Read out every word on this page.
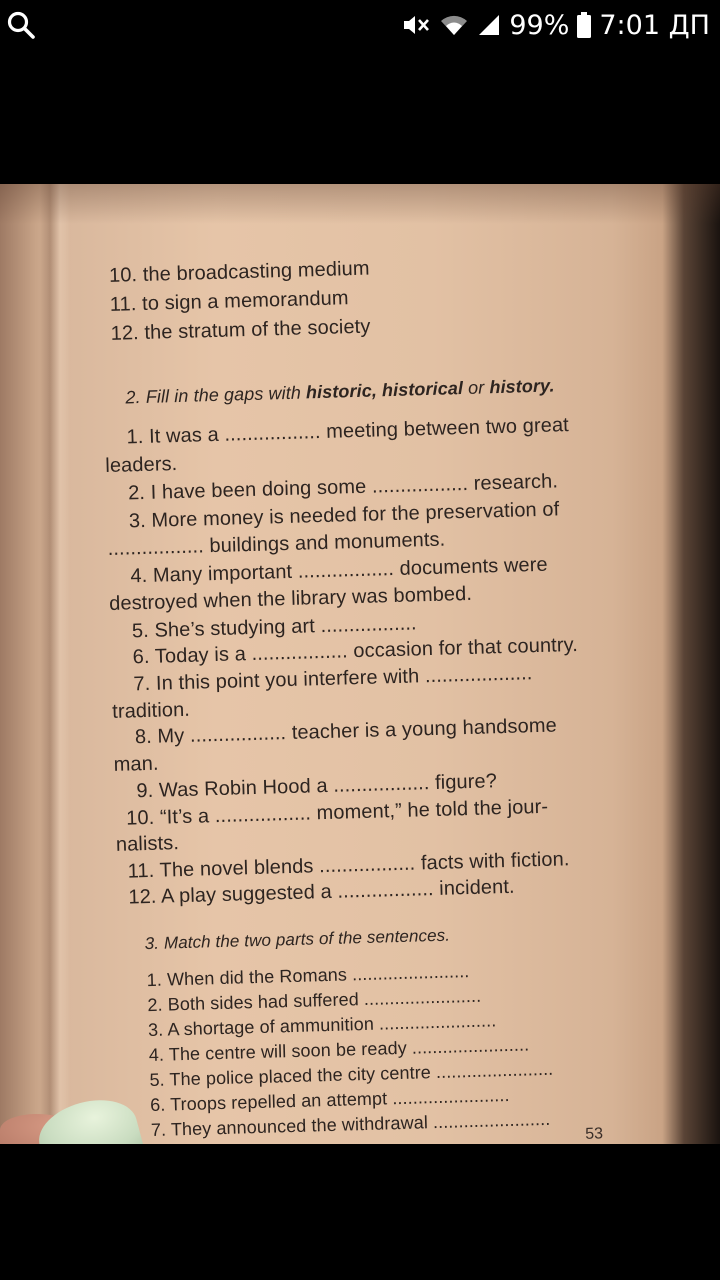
99% 7:01 ДП
10. the broadcasting medium
11. to sign a memorandum
12. the stratum of the society
2. Fill in the gaps with historic, historical or history.
1. It was a ................. meeting between two great
leaders.
2. I have been doing some ................. research.
3. More money is needed for the preservation of
................. buildings and monuments.
4. Many important ................. documents were
destroyed when the library was bombed.
5. She’s studying art .................
6. Today is a ................. occasion for that country.
7. In this point you interfere with ...................
tradition.
8. My ................. teacher is a young handsome
man.
9. Was Robin Hood a ................. figure?
10. “It’s a ................. moment,” he told the jour-
nalists.
11. The novel blends ................. facts with fiction.
12. A play suggested a ................. incident.
3. Match the two parts of the sentences.
1. When did the Romans .......................
2. Both sides had suffered .......................
3. A shortage of ammunition .......................
4. The centre will soon be ready .......................
5. The police placed the city centre .......................
6. Troops repelled an attempt .......................
7. They announced the withdrawal ....................... 53
